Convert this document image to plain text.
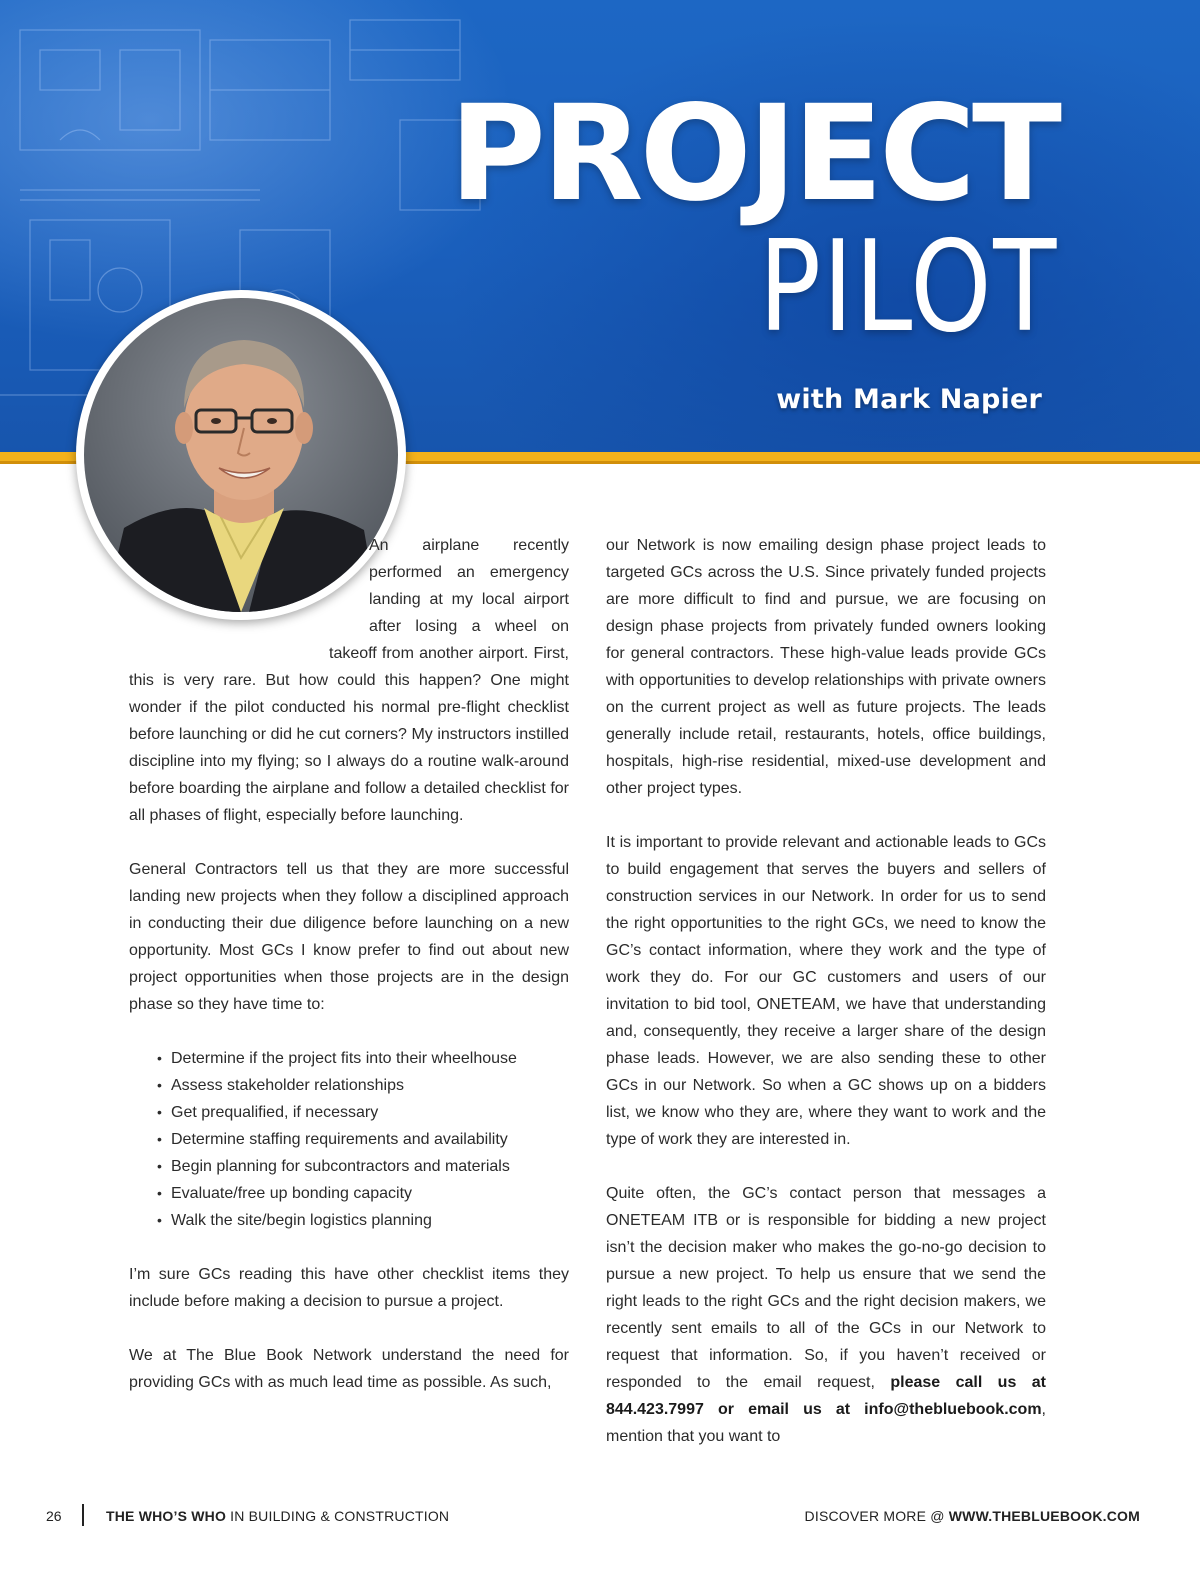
PROJECT
PILOT
with Mark Napier

An airplane recently performed an emergency landing at my local airport after losing a wheel on takeoff from another airport. First, this is very rare. But how could this happen? One might wonder if the pilot conducted his normal pre-flight checklist before launching or did he cut corners? My instructors instilled discipline into my flying; so I always do a routine walk-around before boarding the airplane and follow a detailed checklist for all phases of flight, especially before launching.

General Contractors tell us that they are more successful landing new projects when they follow a disciplined approach in conducting their due diligence before launching on a new opportunity. Most GCs I know prefer to find out about new project opportunities when those projects are in the design phase so they have time to:

• Determine if the project fits into their wheelhouse
• Assess stakeholder relationships
• Get prequalified, if necessary
• Determine staffing requirements and availability
• Begin planning for subcontractors and materials
• Evaluate/free up bonding capacity
• Walk the site/begin logistics planning

I’m sure GCs reading this have other checklist items they include before making a decision to pursue a project.

We at The Blue Book Network understand the need for providing GCs with as much lead time as possible. As such,

our Network is now emailing design phase project leads to targeted GCs across the U.S. Since privately funded projects are more difficult to find and pursue, we are focusing on design phase projects from privately funded owners looking for general contractors. These high-value leads provide GCs with opportunities to develop relationships with private owners on the current project as well as future projects. The leads generally include retail, restaurants, hotels, office buildings, hospitals, high-rise residential, mixed-use development and other project types.

It is important to provide relevant and actionable leads to GCs to build engagement that serves the buyers and sellers of construction services in our Network. In order for us to send the right opportunities to the right GCs, we need to know the GC’s contact information, where they work and the type of work they do. For our GC customers and users of our invitation to bid tool, ONETEAM, we have that understanding and, consequently, they receive a larger share of the design phase leads. However, we are also sending these to other GCs in our Network. So when a GC shows up on a bidders list, we know who they are, where they want to work and the type of work they are interested in.

Quite often, the GC’s contact person that messages a ONETEAM ITB or is responsible for bidding a new project isn’t the decision maker who makes the go-no-go decision to pursue a new project. To help us ensure that we send the right leads to the right GCs and the right decision makers, we recently sent emails to all of the GCs in our Network to request that information. So, if you haven’t received or responded to the email request, please call us at 844.423.7997 or email us at info@thebluebook.com, mention that you want to

26	THE WHO’S WHO IN BUILDING & CONSTRUCTION	DISCOVER MORE @ WWW.THEBLUEBOOK.COM
